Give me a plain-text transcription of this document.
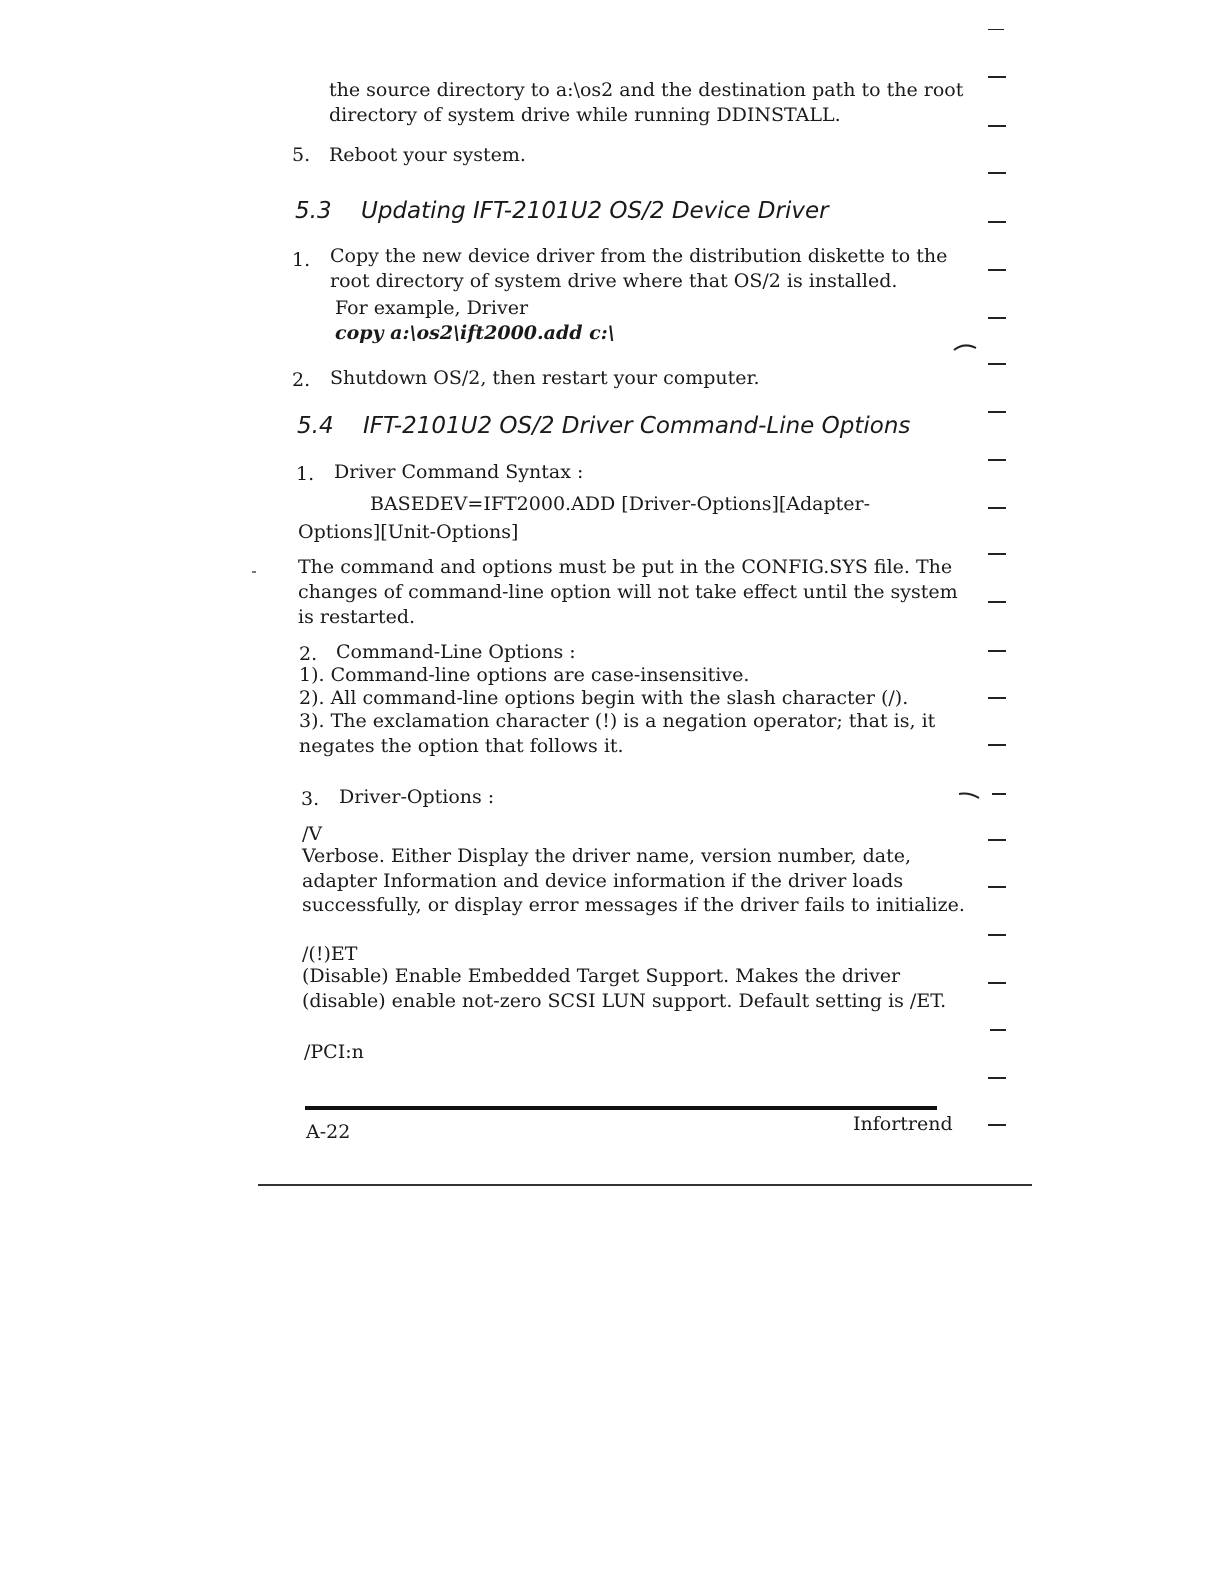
the source directory to a:\os2 and the destination path to the root
directory of system drive while running DDINSTALL.
5. Reboot your system.
5.3 Updating IFT-2101U2 OS/2 Device Driver
1. Copy the new device driver from the distribution diskette to the
root directory of system drive where that OS/2 is installed.
For example, Driver
copy a:\os2\ift2000.add c:\
2. Shutdown OS/2, then restart your computer.
5.4 IFT-2101U2 OS/2 Driver Command-Line Options
1. Driver Command Syntax :
BASEDEV=IFT2000.ADD [Driver-Options][Adapter-
Options][Unit-Options]
The command and options must be put in the CONFIG.SYS file. The
changes of command-line option will not take effect until the system
is restarted.
2. Command-Line Options :
1). Command-line options are case-insensitive.
2). All command-line options begin with the slash character (/).
3). The exclamation character (!) is a negation operator; that is, it
negates the option that follows it.
3. Driver-Options :
/V
Verbose. Either Display the driver name, version number, date,
adapter Information and device information if the driver loads
successfully, or display error messages if the driver fails to initialize.
/(!)ET
(Disable) Enable Embedded Target Support. Makes the driver
(disable) enable not-zero SCSI LUN support. Default setting is /ET.
/PCI:n
A-22	Infortrend
